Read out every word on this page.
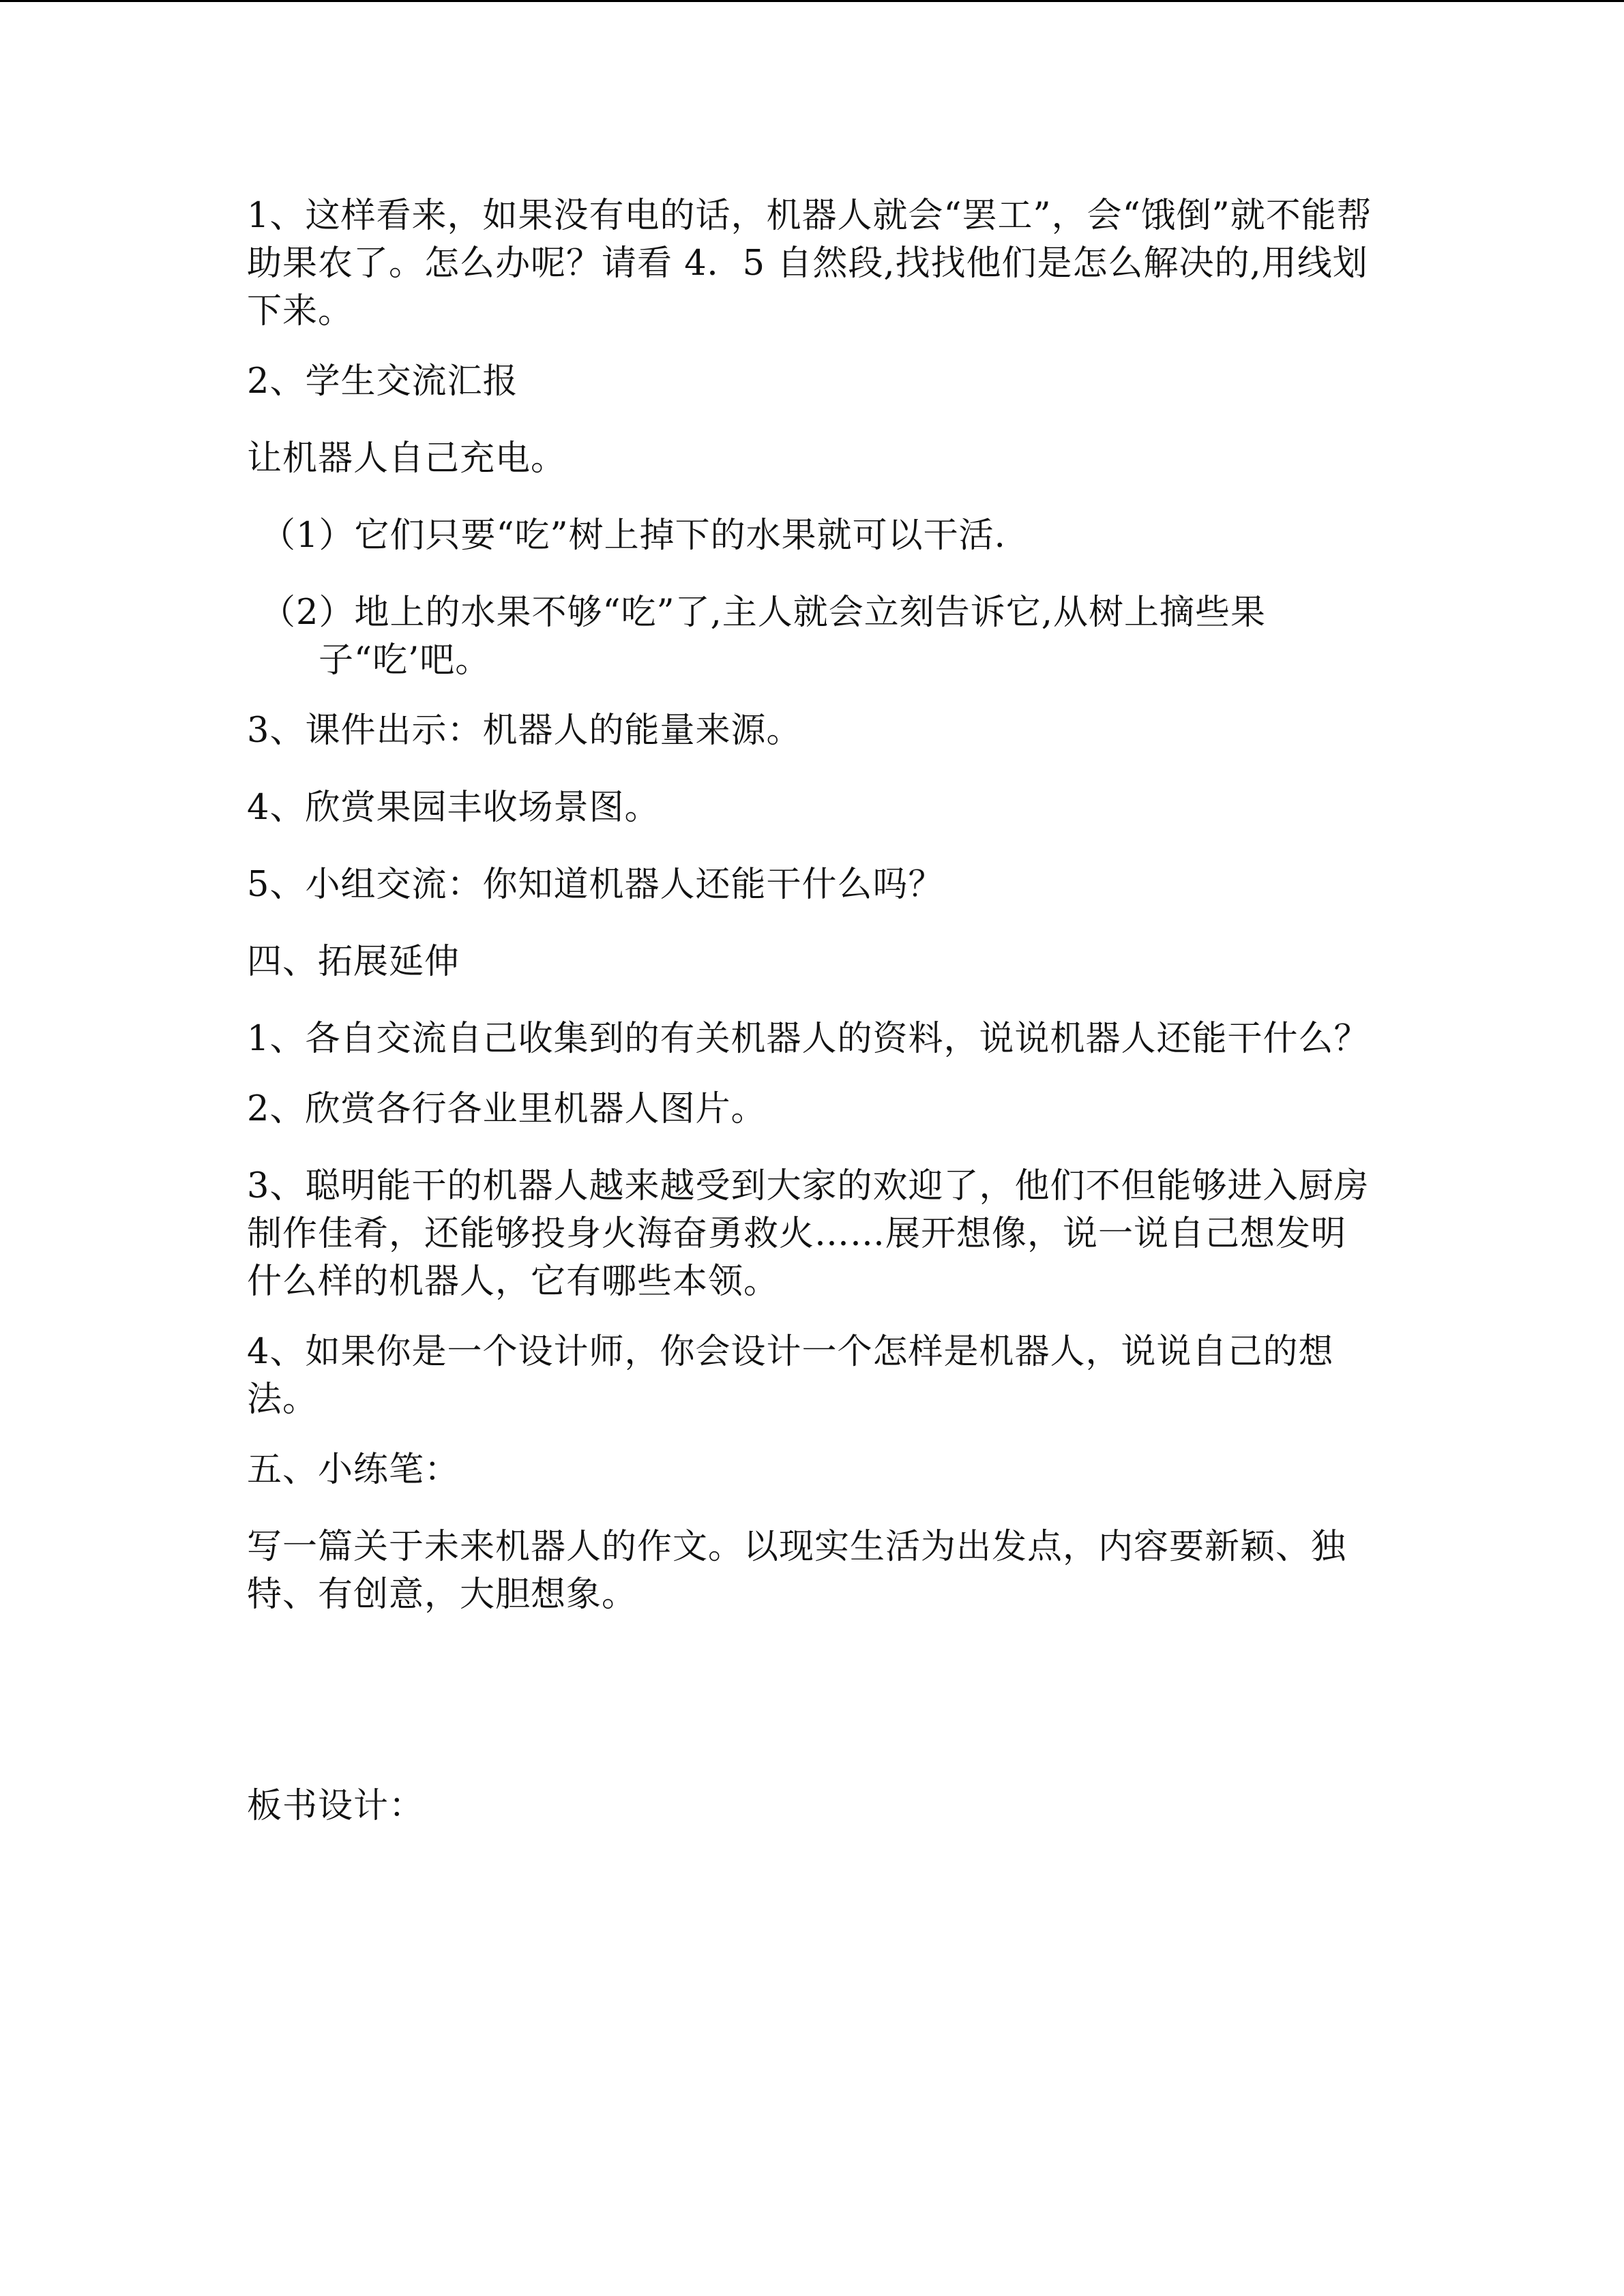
1、这样看来，如果没有电的话，机器人就会“罢工”，会“饿倒”就不能帮助果农了。怎么办呢？请看 4．5 自然段,找找他们是怎么解决的,用线划下来。

2、学生交流汇报

让机器人自己充电。

（1）它们只要“吃”树上掉下的水果就可以干活.

（2）地上的水果不够“吃”了,主人就会立刻告诉它,从树上摘些果子“吃’吧。

3、课件出示：机器人的能量来源。

4、欣赏果园丰收场景图。

5、小组交流：你知道机器人还能干什么吗？

四、拓展延伸

1、各自交流自己收集到的有关机器人的资料，说说机器人还能干什么？

2、欣赏各行各业里机器人图片。

3、聪明能干的机器人越来越受到大家的欢迎了，他们不但能够进入厨房制作佳肴，还能够投身火海奋勇救火……展开想像，说一说自己想发明什么样的机器人，它有哪些本领。

4、如果你是一个设计师，你会设计一个怎样是机器人，说说自己的想法。

五、小练笔：

写一篇关于未来机器人的作文。以现实生活为出发点，内容要新颖、独特、有创意，大胆想象。

板书设计：
